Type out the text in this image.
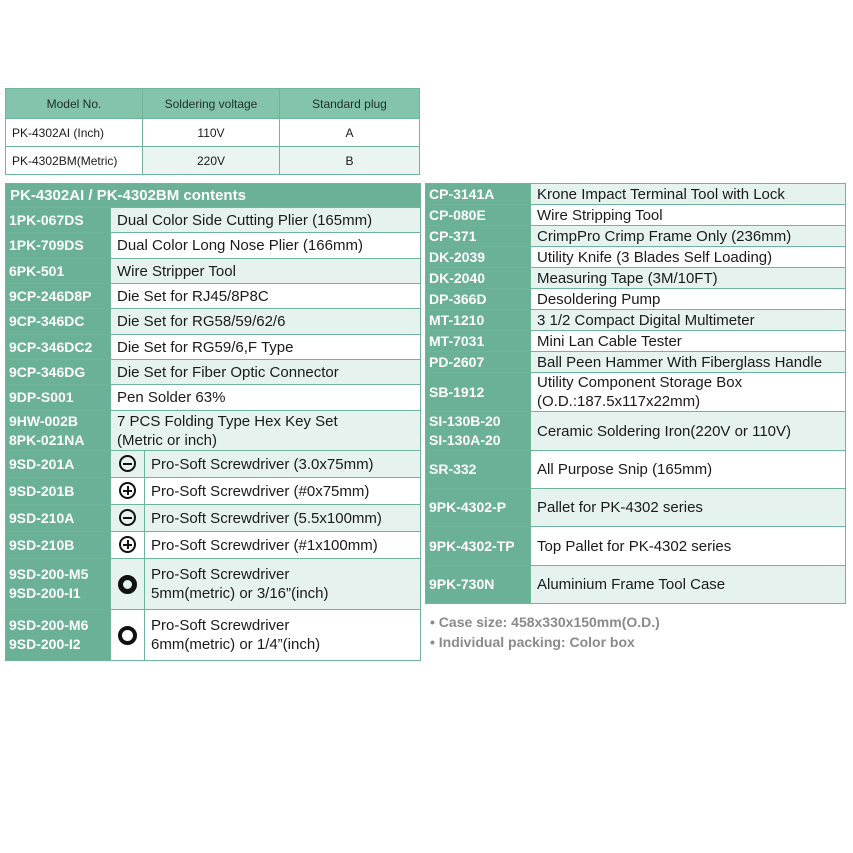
Model No.	Soldering voltage	Standard plug
PK-4302AI (Inch)	110V	A
PK-4302BM(Metric)	220V	B
PK-4302AI / PK-4302BM contents		

1PK-067DS	Dual Color Side Cutting Plier (165mm)	

1PK-709DS	Dual Color Long Nose Plier (166mm)	

6PK-501	Wire Stripper Tool	

9CP-246D8P	Die Set for RJ45/8P8C	

9CP-346DC	Die Set for RG58/59/62/6	

9CP-346DC2	Die Set for RG59/6,F Type	

9CP-346DG	Die Set for Fiber Optic Connector	

9DP-S001	Pen Solder 63%	

9HW-002B
8PK-021NA	7 PCS Folding Type Hex Key Set
(Metric or inch)	

9SD-201A		Pro-Soft Screwdriver (3.0x75mm)

9SD-201B		Pro-Soft Screwdriver (#0x75mm)

9SD-210A		Pro-Soft Screwdriver (5.5x100mm)

9SD-210B		Pro-Soft Screwdriver (#1x100mm)

9SD-200-M5
9SD-200-I1		Pro-Soft Screwdriver
5mm(metric) or 3/16”(inch)

9SD-200-M6
9SD-200-I2		Pro-Soft Screwdriver
6mm(metric) or 1/4”(inch)
CP-3141A	Krone Impact Terminal Tool with Lock

CP-080E	Wire Stripping Tool

CP-371	CrimpPro Crimp Frame Only (236mm)

DK-2039	Utility Knife (3 Blades Self Loading)

DK-2040	Measuring Tape (3M/10FT)

DP-366D	Desoldering Pump

MT-1210	3 1/2 Compact Digital Multimeter

MT-7031	Mini Lan Cable Tester

PD-2607	Ball Peen Hammer With Fiberglass Handle

SB-1912	Utility Component Storage Box
(O.D.:187.5x117x22mm)

SI-130B-20
SI-130A-20	Ceramic Soldering Iron(220V or 110V)

SR-332	All Purpose Snip (165mm)

9PK-4302-P	Pallet for PK-4302 series

9PK-4302-TP	Top Pallet for PK-4302 series

9PK-730N	Aluminium Frame Tool Case
• Case size: 458x330x150mm(O.D.)
• Individual packing: Color box
